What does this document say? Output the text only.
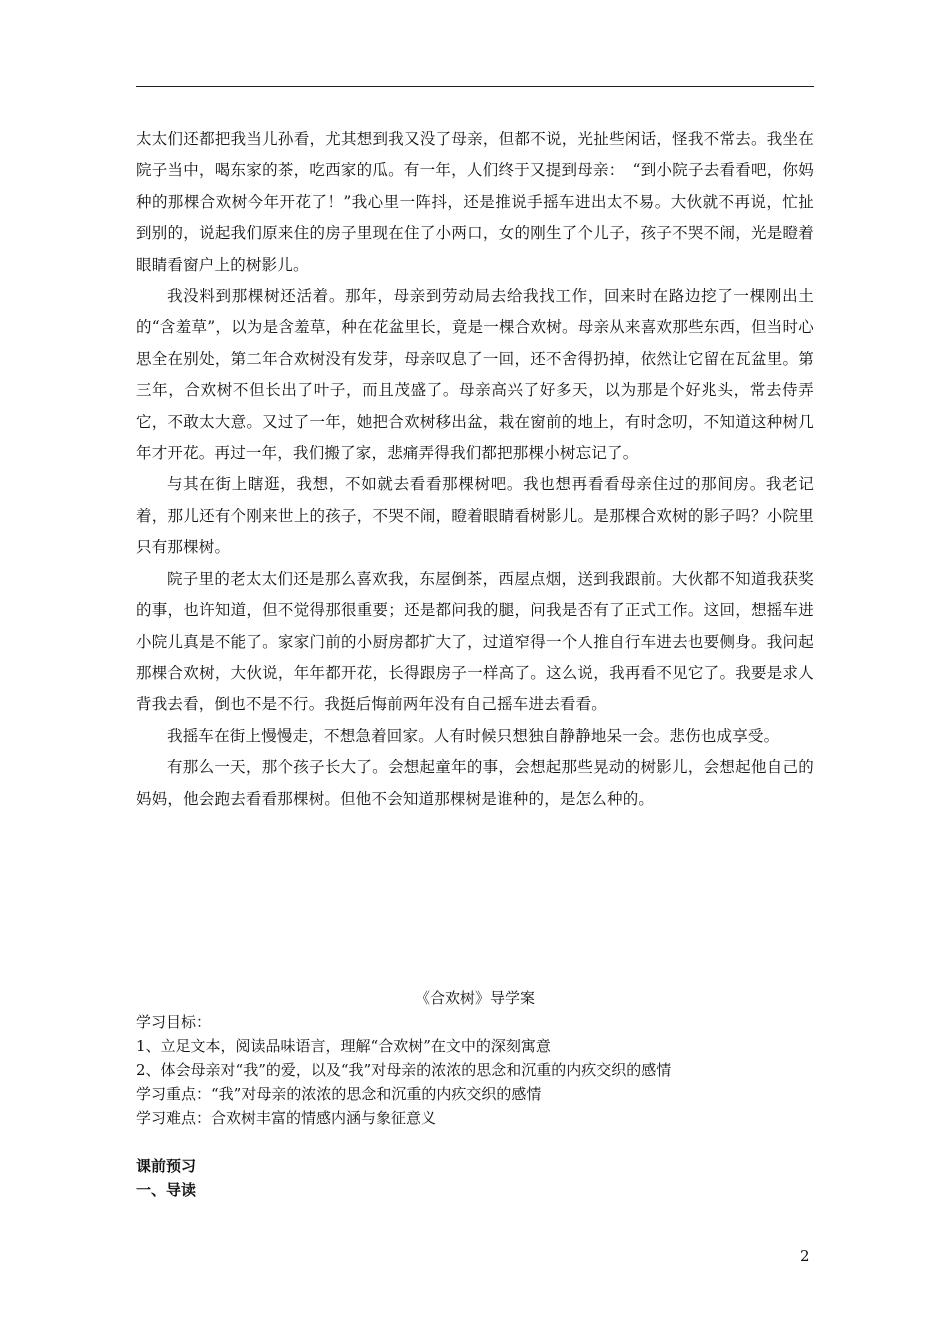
太太们还都把我当儿孙看，尤其想到我又没了母亲，但都不说，光扯些闲话，怪我不常去。我坐在院子当中，喝东家的茶，吃西家的瓜。有一年，人们终于又提到母亲：　“到小院子去看看吧，你妈种的那棵合欢树今年开花了！”我心里一阵抖，还是推说手摇车进出太不易。大伙就不再说，忙扯到别的，说起我们原来住的房子里现在住了小两口，女的刚生了个儿子，孩子不哭不闹，光是瞪着眼睛看窗户上的树影儿。

我没料到那棵树还活着。那年，母亲到劳动局去给我找工作，回来时在路边挖了一棵刚出土的“含羞草”，以为是含羞草，种在花盆里长，竟是一棵合欢树。母亲从来喜欢那些东西，但当时心思全在别处，第二年合欢树没有发芽，母亲叹息了一回，还不舍得扔掉，依然让它留在瓦盆里。第三年，合欢树不但长出了叶子，而且茂盛了。母亲高兴了好多天，以为那是个好兆头，常去侍弄它，不敢太大意。又过了一年，她把合欢树移出盆，栽在窗前的地上，有时念叨，不知道这种树几年才开花。再过一年，我们搬了家，悲痛弄得我们都把那棵小树忘记了。

与其在街上瞎逛，我想，不如就去看看那棵树吧。我也想再看看母亲住过的那间房。我老记着，那儿还有个刚来世上的孩子，不哭不闹，瞪着眼睛看树影儿。是那棵合欢树的影子吗？小院里只有那棵树。

院子里的老太太们还是那么喜欢我，东屋倒茶，西屋点烟，送到我跟前。大伙都不知道我获奖的事，也许知道，但不觉得那很重要；还是都问我的腿，问我是否有了正式工作。这回，想摇车进小院儿真是不能了。家家门前的小厨房都扩大了，过道窄得一个人推自行车进去也要侧身。我问起那棵合欢树，大伙说，年年都开花，长得跟房子一样高了。这么说，我再看不见它了。我要是求人背我去看，倒也不是不行。我挺后悔前两年没有自己摇车进去看看。

我摇车在街上慢慢走，不想急着回家。人有时候只想独自静静地呆一会。悲伤也成享受。

有那么一天，那个孩子长大了。会想起童年的事，会想起那些晃动的树影儿，会想起他自己的妈妈，他会跑去看看那棵树。但他不会知道那棵树是谁种的，是怎么种的。

《合欢树》导学案

学习目标：

1、立足文本，阅读品味语言，理解“合欢树”在文中的深刻寓意

2、体会母亲对“我”的爱，以及“我”对母亲的浓浓的思念和沉重的内疚交织的感情

学习重点：“我”对母亲的浓浓的思念和沉重的内疚交织的感情

学习难点：合欢树丰富的情感内涵与象征意义

课前预习

一、导读

2
